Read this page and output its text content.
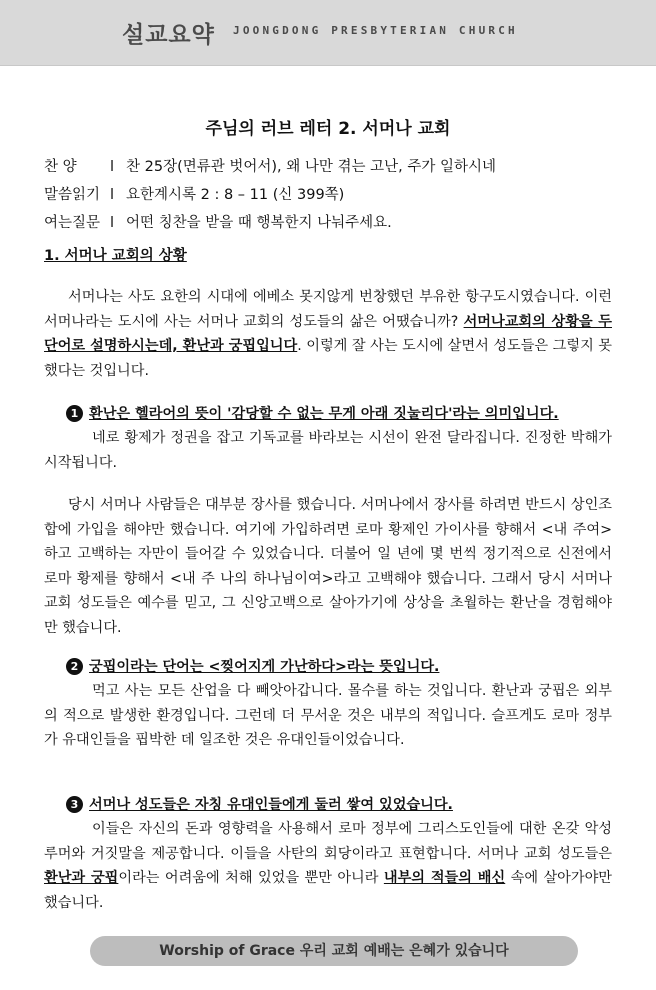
설교요약 JOONGDONG PRESBYTERIAN CHURCH
주님의 러브 레터 2. 서머나 교회
찬 양 l 찬 25장(면류관 벗어서), 왜 나만 겪는 고난, 주가 일하시네
말씀읽기 l 요한계시록 2 : 8 – 11 (신 399쪽)
여는질문 l 어떤 칭찬을 받을 때 행복한지 나눠주세요.
1. 서머나 교회의 상황
서머나는 사도 요한의 시대에 에베소 못지않게 번창했던 부유한 항구도시였습니다. 이런 서머나라는 도시에 사는 서머나 교회의 성도들의 삶은 어땠습니까? 서머나교회의 상황을 두 단어로 설명하시는데, 환난과 궁핍입니다. 이렇게 잘 사는 도시에 살면서 성도들은 그렇지 못했다는 것입니다.
1 환난은 헬라어의 뜻이 '감당할 수 없는 무게 아래 짓눌리다'라는 의미입니다.
네로 황제가 정권을 잡고 기독교를 바라보는 시선이 완전 달라집니다. 진정한 박해가 시작됩니다.
당시 서머나 사람들은 대부분 장사를 했습니다. 서머나에서 장사를 하려면 반드시 상인조합에 가입을 해야만 했습니다. 여기에 가입하려면 로마 황제인 가이사를 향해서 <내 주여>하고 고백하는 자만이 들어갈 수 있었습니다. 더불어 일 년에 몇 번씩 정기적으로 신전에서 로마 황제를 향해서 <내 주 나의 하나님이여>라고 고백해야 했습니다. 그래서 당시 서머나 교회 성도들은 예수를 믿고, 그 신앙고백으로 살아가기에 상상을 초월하는 환난을 경험해야만 했습니다.
2 궁핍이라는 단어는 <찢어지게 가난하다>라는 뜻입니다.
먹고 사는 모든 산업을 다 빼앗아갑니다. 몰수를 하는 것입니다. 환난과 궁핍은 외부의 적으로 발생한 환경입니다. 그런데 더 무서운 것은 내부의 적입니다. 슬프게도 로마 정부가 유대인들을 핍박한 데 일조한 것은 유대인들이었습니다.
3 서머나 성도들은 자칭 유대인들에게 둘러 쌓여 있었습니다.
이들은 자신의 돈과 영향력을 사용해서 로마 정부에 그리스도인들에 대한 온갖 악성 루머와 거짓말을 제공합니다. 이들을 사탄의 회당이라고 표현합니다. 서머나 교회 성도들은 환난과 궁핍이라는 어려움에 처해 있었을 뿐만 아니라 내부의 적들의 배신 속에 살아가야만 했습니다.
Worship of Grace 우리 교회 예배는 은혜가 있습니다
